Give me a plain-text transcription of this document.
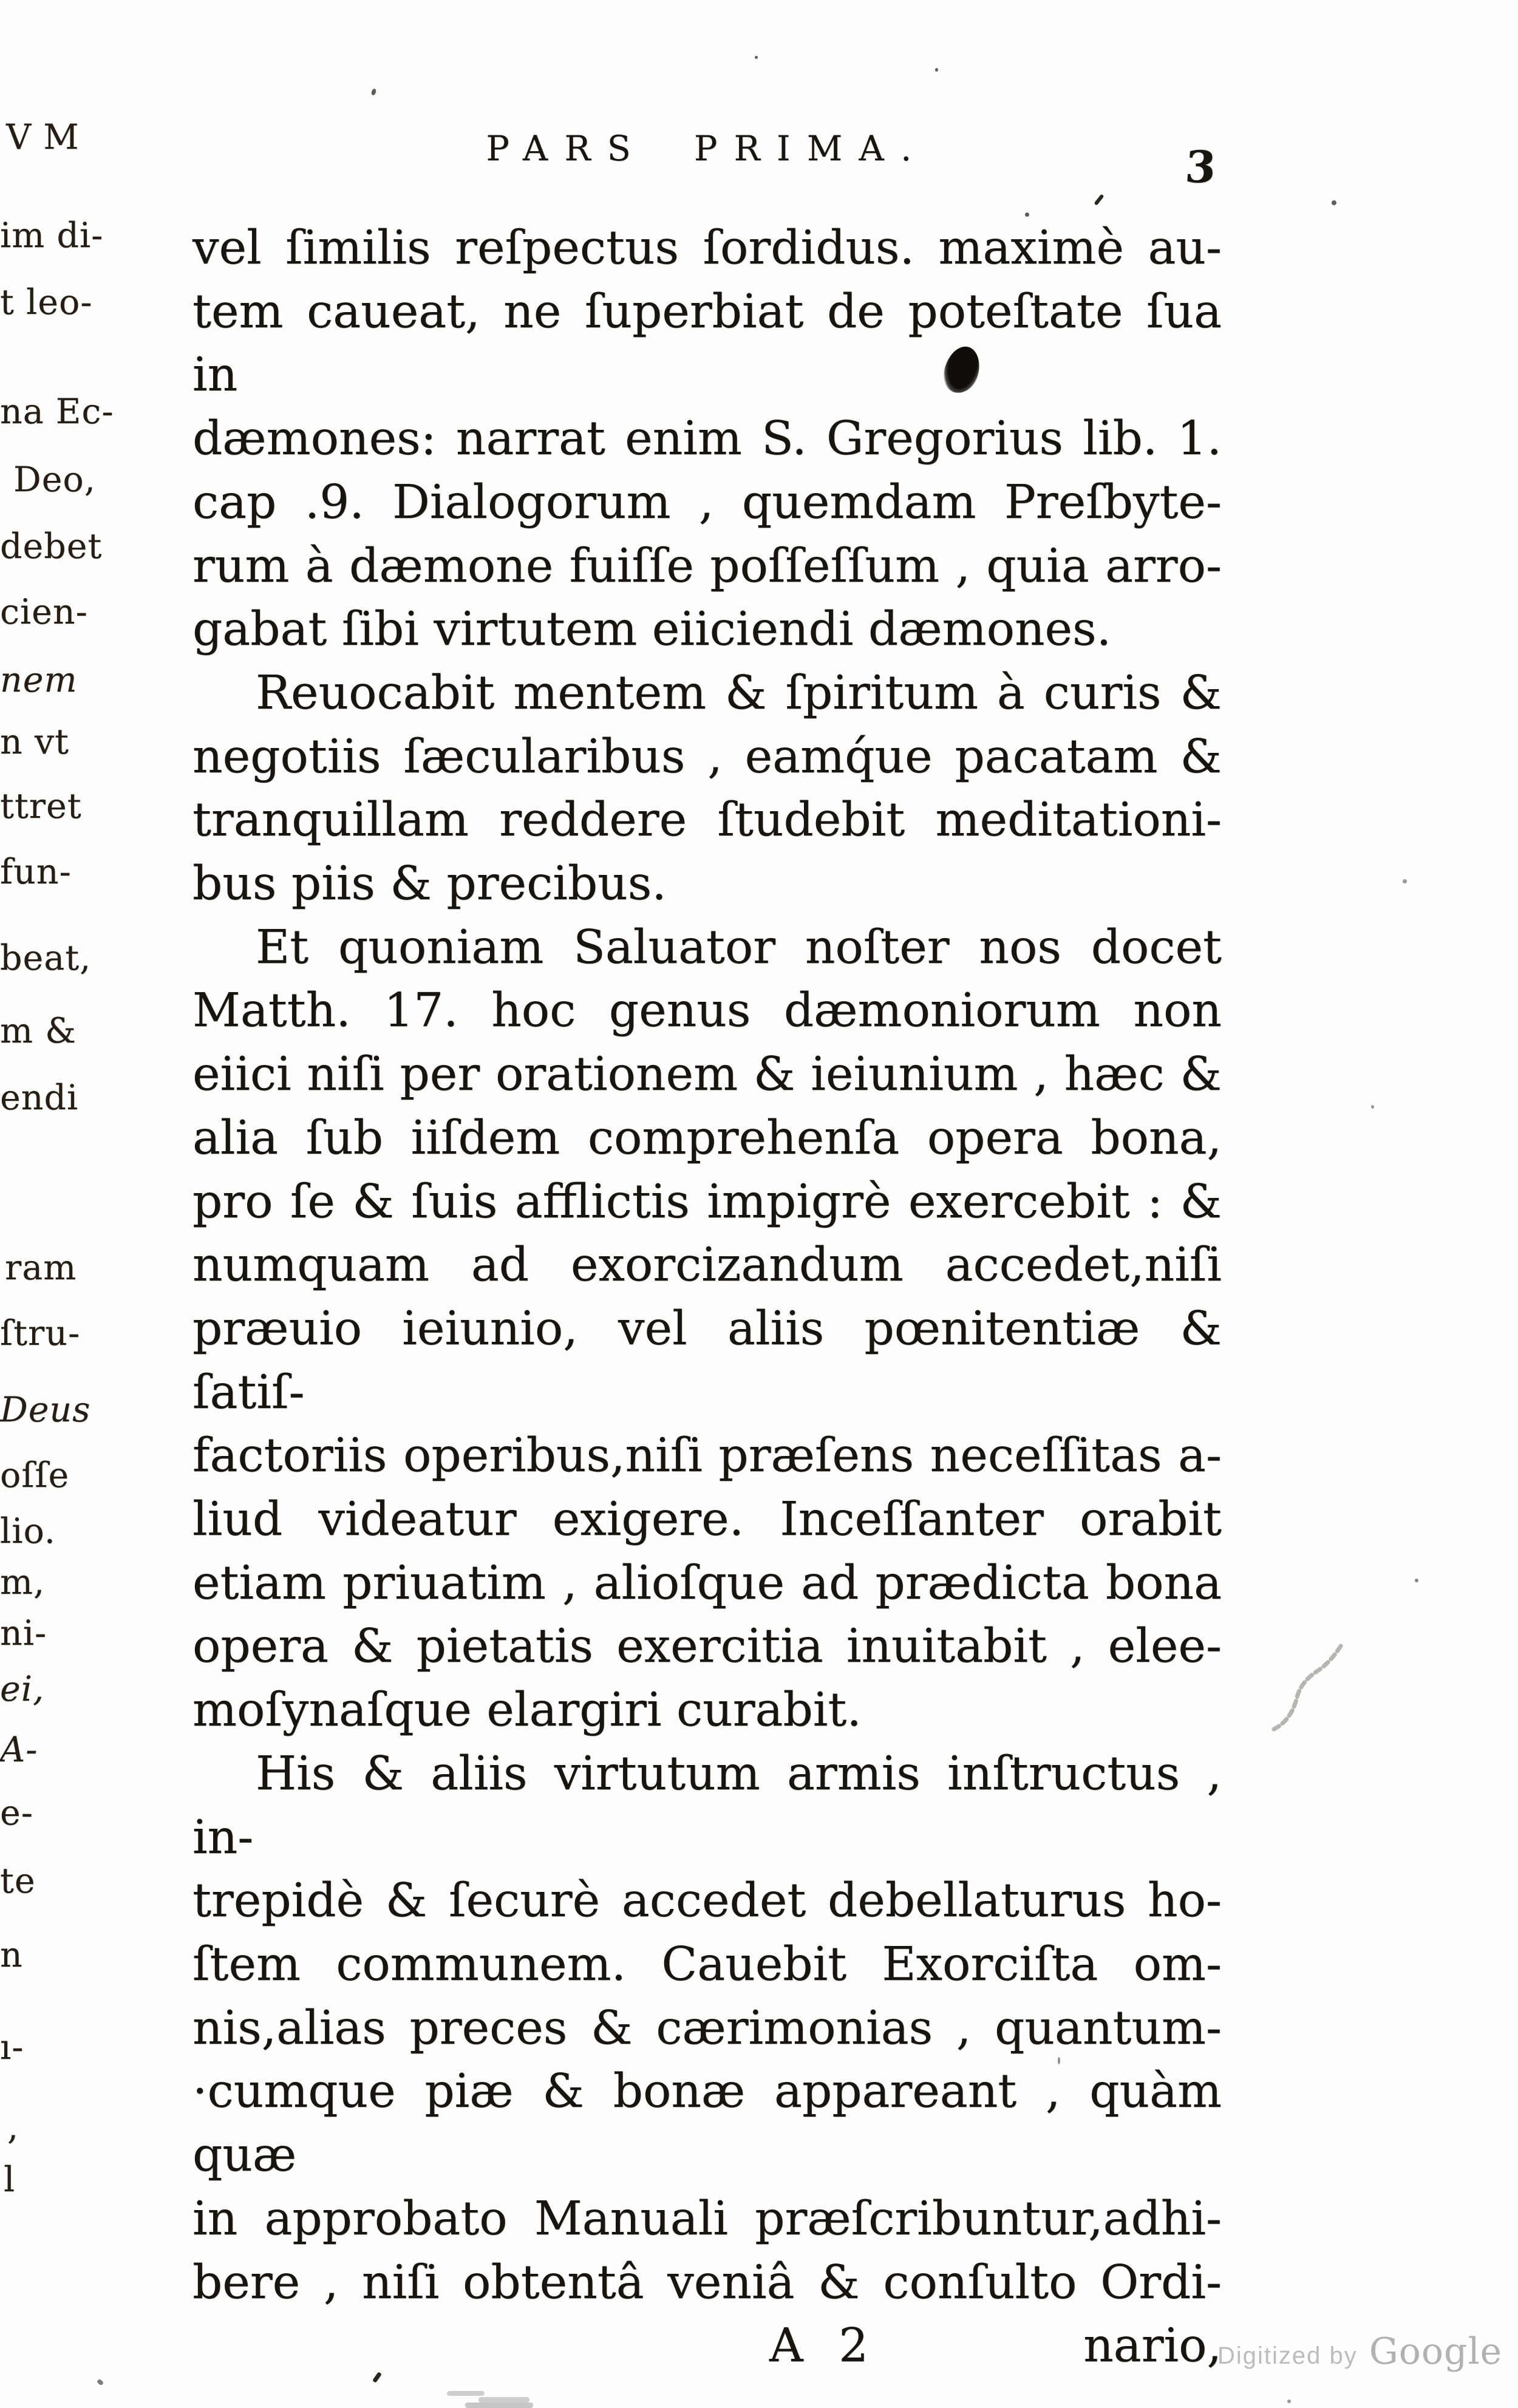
V M
im di-
t leo-
na Ec-
Deo,
debet
cien-
nem
n vt
ttret
fun-
beat,
m &
endi
ram
ſtru-
Deus
oſſe
lio.
m,
ni-
ei,
A-
e-
te
n
ı-
,
l
PARS PRIMA.	3
vel ſimilis reſpectus ſordidus. maximè au-
tem caueat, ne ſuperbiat de poteſtate ſua in
dæmones: narrat enim S. Gregorius lib. 1.
cap .9. Dialogorum , quemdam Preſbyte-
rum à dæmone fuiſſe poſſeſſum , quia arro-
gabat ſibi virtutem eiiciendi dæmones.
Reuocabit mentem & ſpiritum à curis &
negotiis ſæcularibus , eamq́ue pacatam &
tranquillam reddere ſtudebit meditationi-
bus piis & precibus.
Et quoniam Saluator noſter nos docet
Matth. 17. hoc genus dæmoniorum non
eiici niſi per orationem & ieiunium , hæc &
alia ſub iiſdem comprehenſa opera bona,
pro ſe & ſuis afflictis impigrè exercebit : &
numquam ad exorcizandum accedet,niſi
præuio ieiunio, vel aliis pœnitentiæ & ſatiſ-
factoriis operibus,niſi præſens neceſſitas a-
liud videatur exigere. Inceſſanter orabit
etiam priuatim , alioſque ad prædicta bona
opera & pietatis exercitia inuitabit , elee-
moſynaſque elargiri curabit.
His & aliis virtutum armis inſtructus , in-
trepidè & ſecurè accedet debellaturus ho-
ſtem communem. Cauebit Exorciſta om-
nis,alias preces & cærimonias , quantum-
·cumque piæ & bonæ appareant , quàm quæ
in approbato Manuali præſcribuntur,adhi-
bere , niſi obtentâ veniâ & conſulto Ordi-
A 2	nario,
Digitized by Google
